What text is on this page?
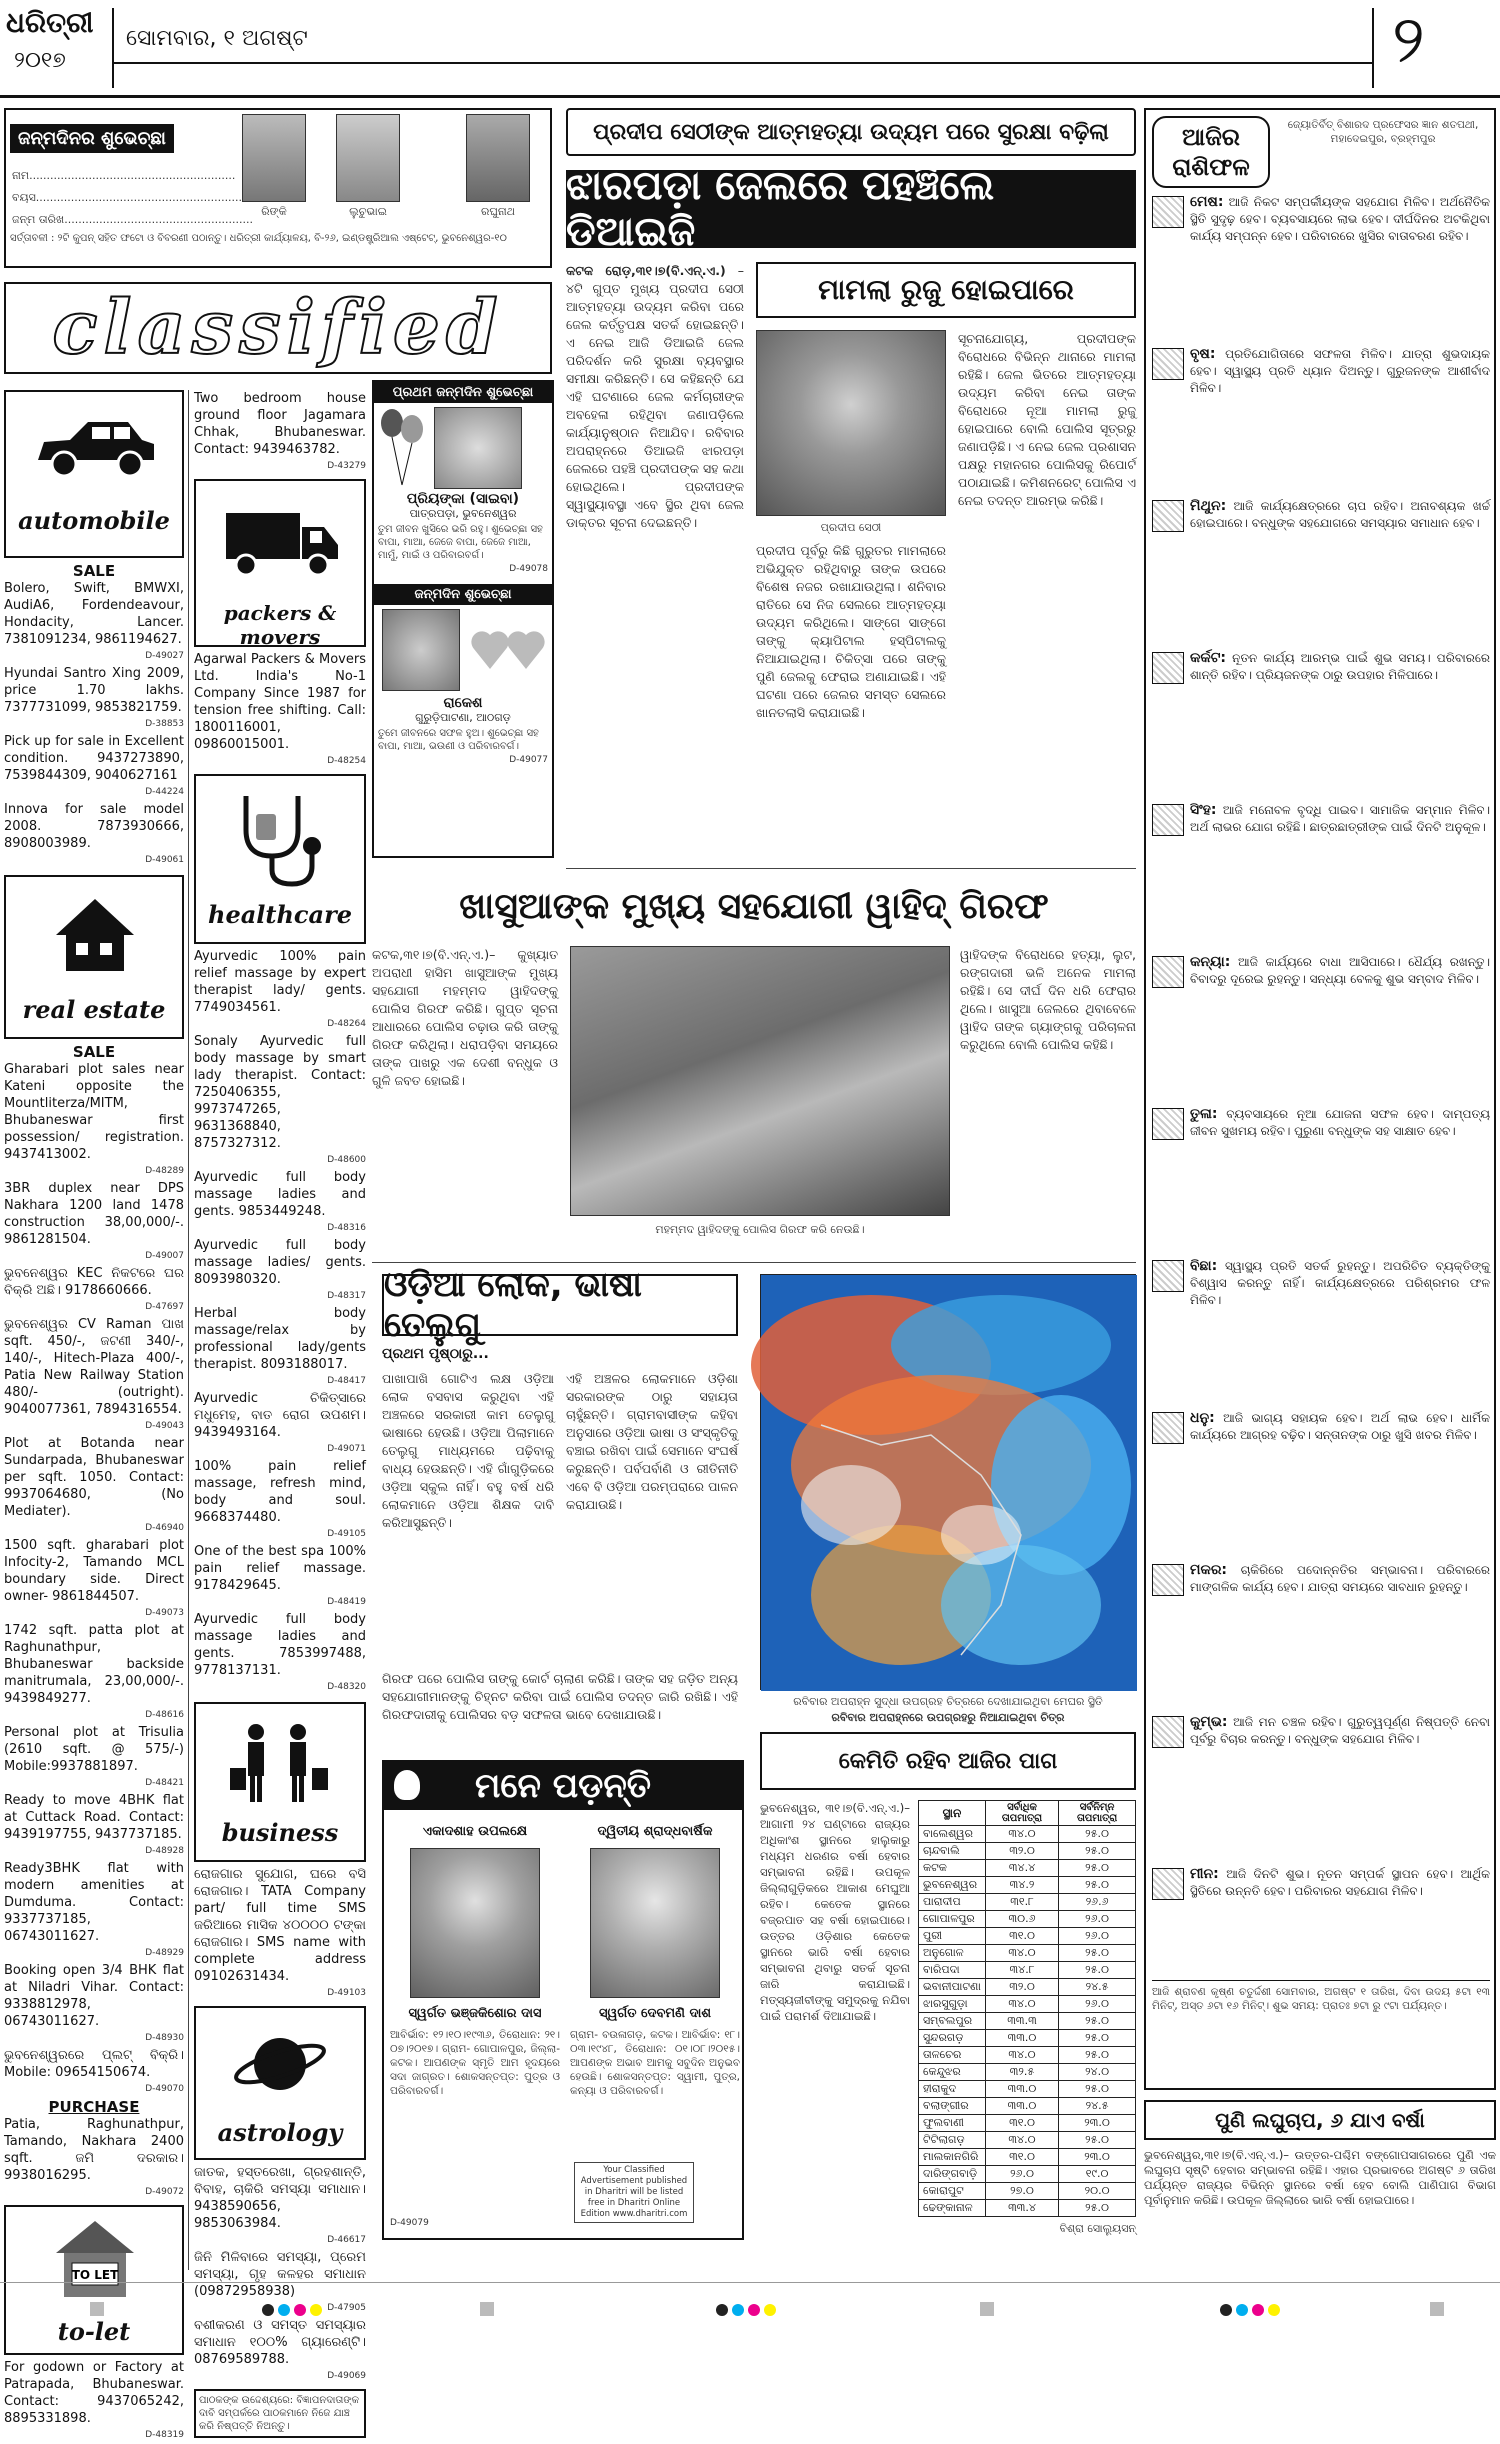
ଧରିତ୍ରୀ
୨୦୧୭
ସୋମବାର, ୧ ଅଗଷ୍ଟ	୨
ଜନ୍ମଦିନର ଶୁଭେଚ୍ଛା
ନାମ...........................................................
ବୟସ...........................................................
ଜନ୍ମ ତାରିଖ......................................................
ରିଙ୍କି	ଲୁଚୁଭାଇ	ରଘୁନାଥ
ସର୍ତ୍ତାବଳୀ : ୨ଟି କୁପନ୍ ସହିତ ଫଟୋ ଓ ବିବରଣୀ ପଠାନ୍ତୁ। ଧରିତ୍ରୀ କାର୍ଯ୍ୟାଳୟ, ବି-୨୬, ଇଣ୍ଡଷ୍ଟ୍ରିଆଲ ଏଷ୍ଟେଟ୍, ଭୁବନେଶ୍ୱର-୧୦
classified
automobile
SALE
Bolero, Swift, BMWXI, AudiA6, Fordendeavour, Hondacity, Lancer. 7381091234, 9861194627.
D-49027
Hyundai Santro Xing 2009, price 1.70 lakhs. 7377731099, 9853821759.
D-38853
Pick up for sale in Excellent condition. 9437273890, 7539844309, 9040627161
D-44224
Innova for sale model 2008. 7873930666, 8908003989.
D-49061
real estate
SALE
Gharabari plot sales near Kateni opposite the Mountliterza/MITM, Bhubaneswar first possession/ registration. 9437413002.
D-48289
3BR duplex near DPS Nakhara 1200 land 1478 construction 38,00,000/-. 9861281504.
D-49007
ଭୁବନେଶ୍ୱର KEC ନିକଟରେ ଘର ବିକ୍ରି ଅଛି। 9178660666.
D-47697
ଭୁବନେଶ୍ୱର CV Raman ପାଖ sqft. 450/-, ଜଟଣୀ 340/-, 140/-, Hitech-Plaza 400/-, Patia New Railway Station 480/- (outright). 9040077361, 7894316554.
D-49043
Plot at Botanda near Sundarpada, Bhubaneswar per sqft. 1050. Contact: 9937064680, (No Mediater).
D-46940
1500 sqft. gharabari plot Infocity-2, Tamando MCL boundary side. Direct owner- 9861844507.
D-49073
1742 sqft. patta plot at Raghunathpur, Bhubaneswar backside manitrumala, 23,00,000/-. 9439849277.
D-48616
Personal plot at Trisulia (2610 sqft. @ 575/-) Mobile:9937881897.
D-48421
Ready to move 4BHK flat at Cuttack Road. Contact: 9439197755, 9437737185.
D-48928
Ready3BHK flat with modern amenities at Dumduma. Contact: 9337737185, 06743011627.
D-48929
Booking open 3/4 BHK flat at Niladri Vihar. Contact: 9338812978, 06743011627.
D-48930
ଭୁବନେଶ୍ୱରରେ ପ୍ଲଟ୍ ବିକ୍ରି। Mobile: 09654150674.
D-49070
PURCHASE
Patia, Raghunathpur, Tamando, Nakhara 2400 sqft. ଜମି ଦରକାର। 9938016295.
D-49072
TO LET
to-let
For godown or Factory at Patrapada, Bhubaneswar. Contact: 9437065242, 8895331898.
D-48319
Two bedroom house ground floor Jagamara Chhak, Bhubaneswar. Contact: 9439463782.
D-43279
packers & movers
Agarwal Packers & Movers Ltd. India's No-1 Company Since 1987 for tension free shifting. Call: 1800116001, 09860015001.
D-48254
healthcare
Ayurvedic 100% pain relief massage by expert therapist lady/ gents. 7749034561.
D-48264
Sonaly Ayurvedic full body massage by smart lady therapist. Contact: 7250406355, 9973747265, 9631368840, 8757327312.
D-48600
Ayurvedic full body massage ladies and gents. 9853449248.
D-48316
Ayurvedic full body massage ladies/ gents. 8093980320.
D-48317
Herbal body massage/relax by professional lady/gents therapist. 8093188017.
D-48417
Ayurvedic ଚିକିତ୍ସାରେ ମଧୁମେହ, ବାତ ରୋଗ ଉପଶମ। 9439493164.
D-49071
100% pain relief massage, refresh mind, body and soul. 9668374480.
D-49105
One of the best spa 100% pain relief massage. 9178429645.
D-48419
Ayurvedic full body massage ladies and gents. 7853997488, 9778137131.
D-48320
business
ରୋଜଗାର ସୁଯୋଗ, ଘରେ ବସି ରୋଜଗାର। TATA Company part/ full time SMS ଜରିଆରେ ମାସିକ ୪୦୦୦୦ ଟଙ୍କା ରୋଜଗାର। SMS name with complete address 09102631434.
D-49103
astrology
ଜାତକ, ହସ୍ତରେଖା, ଗ୍ରହଶାନ୍ତି, ବିବାହ, ଚାକିରି ସମସ୍ୟା ସମାଧାନ। 9438590656, 9853063984.
D-46617
ଜିନି ମିଳିବାରେ ସମସ୍ୟା, ପ୍ରେମ ସମସ୍ୟା, ଗୃହ କଳହର ସମାଧାନ (09872958938)
D-47905
ବଶୀକରଣ ଓ ସମସ୍ତ ସମସ୍ୟାର ସମାଧାନ ୧୦୦% ଗ୍ୟାରେଣ୍ଟି। 08769589788.
D-49069
ପାଠକଙ୍କ ଉଦ୍ଦେଶ୍ୟରେ: ବିଜ୍ଞାପନଦାତାଙ୍କ ଦାବି ସମ୍ପର୍କରେ ପାଠକମାନେ ନିଜେ ଯାଞ୍ଚ କରି ନିଷ୍ପତ୍ତି ନିଅନ୍ତୁ।
ପ୍ରଥମ ଜନ୍ମଦିନ ଶୁଭେଚ୍ଛା
ପ୍ରିୟଙ୍କା (ସାଇବା)
ପାତ୍ରପଡ଼ା, ଭୁବନେଶ୍ୱର
ତୁମ ଜୀବନ ଖୁସିରେ ଭରି ରହୁ। ଶୁଭେଚ୍ଛା ସହ ବାପା, ମାଆ, ଜେଜେ ବାପା, ଜେଜେ ମାଆ, ମାମୁଁ, ମାଇଁ ଓ ପରିବାରବର୍ଗ।
D-49078
ଜନ୍ମଦିନ ଶୁଭେଚ୍ଛା
ରାକେଶ
ଗୁରୁଡ଼ିପାଟଣା, ଆଠଗଡ଼
ତୁମେ ଜୀବନରେ ସଫଳ ହୁଅ। ଶୁଭେଚ୍ଛା ସହ ବାପା, ମାଆ, ଭଉଣୀ ଓ ପରିବାରବର୍ଗ।
D-49077
ପ୍ରଦୀପ ସେଠୀଙ୍କ ଆତ୍ମହତ୍ୟା ଉଦ୍ୟମ ପରେ ସୁରକ୍ଷା ବଢ଼ିଲା
ଝାରପଡ଼ା ଜେଲରେ ପହଞ୍ଚିଲେ ଡିଆଇଜି
କଟକ ରୋଡ଼,୩୧।୭(ବି.ଏନ୍.ଏ.) – ୪ଟି ଗୁପ୍ତ ମୁଖ୍ୟ ପ୍ରଦୀପ ସେଠୀ ଆତ୍ମହତ୍ୟା ଉଦ୍ୟମ କରିବା ପରେ ଜେଲ କର୍ତ୍ତୃପକ୍ଷ ସତର୍କ ହୋଇଛନ୍ତି। ଏ ନେଇ ଆଜି ଡିଆଇଜି ଜେଲ ପରିଦର୍ଶନ କରି ସୁରକ୍ଷା ବ୍ୟବସ୍ଥାର ସମୀକ୍ଷା କରିଛନ୍ତି। ସେ କହିଛନ୍ତି ଯେ ଏହି ଘଟଣାରେ ଜେଲ କର୍ମଚାରୀଙ୍କ ଅବହେଳା ରହିଥିବା ଜଣାପଡ଼ିଲେ କାର୍ଯ୍ୟାନୁଷ୍ଠାନ ନିଆଯିବ। ରବିବାର ଅପରାହ୍ନରେ ଡିଆଇଜି ଝାରପଡ଼ା ଜେଲରେ ପହଞ୍ଚି ପ୍ରଦୀପଙ୍କ ସହ କଥା ହୋଇଥିଲେ। ପ୍ରଦୀପଙ୍କ ସ୍ୱାସ୍ଥ୍ୟାବସ୍ଥା ଏବେ ସ୍ଥିର ଥିବା ଜେଲ ଡାକ୍ତର ସୂଚନା ଦେଇଛନ୍ତି।
ମାମଲା ରୁଜୁ ହୋଇପାରେ
ପ୍ରଦୀପ ସେଠୀ
ପ୍ରଦୀପ ପୂର୍ବରୁ କିଛି ଗୁରୁତର ମାମଲାରେ ଅଭିଯୁକ୍ତ ରହିଥିବାରୁ ତାଙ୍କ ଉପରେ ବିଶେଷ ନଜର ରଖାଯାଉଥିଲା। ଶନିବାର ରାତିରେ ସେ ନିଜ ସେଲରେ ଆତ୍ମହତ୍ୟା ଉଦ୍ୟମ କରିଥିଲେ। ସାଙ୍ଗେ ସାଙ୍ଗେ ତାଙ୍କୁ କ୍ୟାପିଟାଲ ହସ୍ପିଟାଲକୁ ନିଆଯାଇଥିଲା। ଚିକିତ୍ସା ପରେ ତାଙ୍କୁ ପୁଣି ଜେଲକୁ ଫେରାଇ ଅଣାଯାଇଛି। ଏହି ଘଟଣା ପରେ ଜେଲର ସମସ୍ତ ସେଲରେ ଖାନତଲାସି କରାଯାଇଛି।
ସୂଚନାଯୋଗ୍ୟ, ପ୍ରଦୀପଙ୍କ ବିରୋଧରେ ବିଭିନ୍ନ ଥାନାରେ ମାମଲା ରହିଛି। ଜେଲ ଭିତରେ ଆତ୍ମହତ୍ୟା ଉଦ୍ୟମ କରିବା ନେଇ ତାଙ୍କ ବିରୋଧରେ ନୂଆ ମାମଲା ରୁଜୁ ହୋଇପାରେ ବୋଲି ପୋଲିସ ସୂତ୍ରରୁ ଜଣାପଡ଼ିଛି। ଏ ନେଇ ଜେଲ ପ୍ରଶାସନ ପକ୍ଷରୁ ମହାନଗର ପୋଲିସକୁ ରିପୋର୍ଟ ପଠାଯାଇଛି। କମିଶନରେଟ୍ ପୋଲିସ ଏ ନେଇ ତଦନ୍ତ ଆରମ୍ଭ କରିଛି।
ଖାସୁଆଙ୍କ ମୁଖ୍ୟ ସହଯୋଗୀ ୱାହିଦ୍ ଗିରଫ
କଟକ,୩୧।୭(ବି.ଏନ୍.ଏ.)– କୁଖ୍ୟାତ ଅପରାଧୀ ହାସିମ ଖାସୁଆଙ୍କ ମୁଖ୍ୟ ସହଯୋଗୀ ମହମ୍ମଦ ୱାହିଦଙ୍କୁ ପୋଲିସ ଗିରଫ କରିଛି। ଗୁପ୍ତ ସୂଚନା ଆଧାରରେ ପୋଲିସ ଚଢ଼ାଉ କରି ତାଙ୍କୁ ଗିରଫ କରିଥିଲା। ଧରାପଡ଼ିବା ସମୟରେ ତାଙ୍କ ପାଖରୁ ଏକ ଦେଶୀ ବନ୍ଧୁକ ଓ ଗୁଳି ଜବତ ହୋଇଛି।
ମହମ୍ମଦ ୱାହିଦଙ୍କୁ ପୋଲିସ ଗିରଫ କରି ନେଉଛି।
ୱାହିଦଙ୍କ ବିରୋଧରେ ହତ୍ୟା, ଲୁଟ, ରଙ୍ଗଦାରୀ ଭଳି ଅନେକ ମାମଲା ରହିଛି। ସେ ଦୀର୍ଘ ଦିନ ଧରି ଫେରାର ଥିଲେ। ଖାସୁଆ ଜେଲରେ ଥିବାବେଳେ ୱାହିଦ ତାଙ୍କ ଗ୍ୟାଙ୍ଗକୁ ପରିଚାଳନା କରୁଥିଲେ ବୋଲି ପୋଲିସ କହିଛି।
ଓଡ଼ିଆ ଲୋକ, ଭାଷା ତେଲୁଗୁ
ପ୍ରଥମ ପୃଷ୍ଠାରୁ...
ପାଖାପାଖି ଗୋଟିଏ ଲକ୍ଷ ଓଡ଼ିଆ ଲୋକ ବସବାସ କରୁଥିବା ଏହି ଅଞ୍ଚଳରେ ସରକାରୀ କାମ ତେଲୁଗୁ ଭାଷାରେ ହେଉଛି। ଓଡ଼ିଆ ପିଲାମାନେ ତେଲୁଗୁ ମାଧ୍ୟମରେ ପଢ଼ିବାକୁ ବାଧ୍ୟ ହେଉଛନ୍ତି। ଏହି ଗାଁଗୁଡ଼ିକରେ ଓଡ଼ିଆ ସ୍କୁଲ ନାହିଁ। ବହୁ ବର୍ଷ ଧରି ଲୋକମାନେ ଓଡ଼ିଆ ଶିକ୍ଷକ ଦାବି କରିଆସୁଛନ୍ତି।
ଏହି ଅଞ୍ଚଳର ଲୋକମାନେ ଓଡ଼ିଶା ସରକାରଙ୍କ ଠାରୁ ସହାୟତା ଚାହୁଁଛନ୍ତି। ଗ୍ରାମବାସୀଙ୍କ କହିବା ଅନୁସାରେ ଓଡ଼ିଆ ଭାଷା ଓ ସଂସ୍କୃତିକୁ ବଞ୍ଚାଇ ରଖିବା ପାଇଁ ସେମାନେ ସଂଘର୍ଷ କରୁଛନ୍ତି। ପର୍ବପର୍ବାଣି ଓ ରୀତିନୀତି ଏବେ ବି ଓଡ଼ିଆ ପରମ୍ପରାରେ ପାଳନ କରାଯାଉଛି।
ଗିରଫ ପରେ ପୋଲିସ ତାଙ୍କୁ କୋର୍ଟ ଚାଲାଣ କରିଛି। ତାଙ୍କ ସହ ଜଡ଼ିତ ଅନ୍ୟ ସହଯୋଗୀମାନଙ୍କୁ ଚିହ୍ନଟ କରିବା ପାଇଁ ପୋଲିସ ତଦନ୍ତ ଜାରି ରଖିଛି। ଏହି ଗିରଫଦାରୀକୁ ପୋଲିସର ବଡ଼ ସଫଳତା ଭାବେ ଦେଖାଯାଉଛି।
ରବିବାର ଅପରାହ୍ନ ସୁଦ୍ଧା ଉପଗ୍ରହ ଚିତ୍ରରେ ଦେଖାଯାଇଥିବା ମେଘର ସ୍ଥିତି
ରବିବାର ଅପରାହ୍ନରେ ଉପଗ୍ରହରୁ ନିଆଯାଇଥିବା ଚିତ୍ର
କେମିତି ରହିବ ଆଜିର ପାଗ
ଭୁବନେଶ୍ୱର, ୩୧।୭(ବି.ଏନ୍.ଏ.)– ଆଗାମୀ ୨୪ ଘଣ୍ଟାରେ ରାଜ୍ୟର ଅଧିକାଂଶ ସ୍ଥାନରେ ହାଲୁକାରୁ ମଧ୍ୟମ ଧରଣର ବର୍ଷା ହେବାର ସମ୍ଭାବନା ରହିଛି। ଉପକୂଳ ଜିଲ୍ଲାଗୁଡ଼ିକରେ ଆକାଶ ମେଘୁଆ ରହିବ। କେତେକ ସ୍ଥାନରେ ବଜ୍ରପାତ ସହ ବର୍ଷା ହୋଇପାରେ। ଉତ୍ତର ଓଡ଼ିଶାର କେତେକ ସ୍ଥାନରେ ଭାରି ବର୍ଷା ହେବାର ସମ୍ଭାବନା ଥିବାରୁ ସତର୍କ ସୂଚନା ଜାରି କରାଯାଇଛି। ମତ୍ସ୍ୟଜୀବୀଙ୍କୁ ସମୁଦ୍ରକୁ ନଯିବା ପାଇଁ ପରାମର୍ଶ ଦିଆଯାଇଛି।
ସ୍ଥାନ	ସର୍ବାଧିକ ତାପମାତ୍ରା	ସର୍ବନିମ୍ନ ତାପମାତ୍ରା
ବାଲେଶ୍ୱର	୩୪.୦	୨୫.୦
ଚାନ୍ଦବାଲି	୩୨.୦	୨୫.୦
କଟକ	୩୪.୪	୨୫.୦
ଭୁବନେଶ୍ୱର	୩୪.୨	୨୫.୦
ପାରାଦୀପ	୩୧.୮	୨୬.୬
ଗୋପାଳପୁର	୩୦.୬	୨୬.୦
ପୁରୀ	୩୧.୦	୨୬.୦
ଅନୁଗୋଳ	୩୪.୦	୨୫.୦
ବାରିପଦା	୩୪.୮	୨୫.୦
ଭବାନୀପାଟଣା	୩୨.୦	୨୪.୫
ଝାରସୁଗୁଡ଼ା	୩୪.୦	୨୬.୦
ସମ୍ବଲପୁର	୩୩.୩	୨୫.୦
ସୁନ୍ଦରଗଡ଼	୩୩.୦	୨୫.୦
ତାଳଚେର	୩୪.୦	୨୫.୦
କେନ୍ଦୁଝର	୩୨.୫	୨୪.୦
ହୀରାକୁଦ	୩୩.୦	୨୫.୦
ବଲାଙ୍ଗୀର	୩୩.୦	୨୪.୫
ଫୁଲବାଣୀ	୩୧.୦	୨୩.୦
ଟିଟିଲାଗଡ଼	୩୪.୦	୨୫.୦
ମାଲକାନଗିରି	୩୧.୦	୨୩.୦
ଦାରିଙ୍ଗବାଡ଼ି	୨୬.୦	୧୯.୦
କୋରାପୁଟ	୨୭.୦	୨୦.୦
ଢେଙ୍କାନାଳ	୩୩.୪	୨୫.୦
ବିଶ୍ରା ସୋଲ୍ୟୁସନ୍
ମନେ ପଡ଼ନ୍ତି
ଏକାଦଶାହ ଉପଲକ୍ଷେ	ଦ୍ୱିତୀୟ ଶ୍ରାଦ୍ଧବାର୍ଷିକ
ସ୍ୱର୍ଗତ ଭଞ୍ଜକିଶୋର ଦାସ	ସ୍ୱର୍ଗତ ଦେବମଣି ଦାଶ
ଆବିର୍ଭାବ: ୧୨।୧୦।୧୯୩୬, ତିରୋଧାନ: ୨୧।୦୭।୨୦୧୭। ଗ୍ରାମ- ଗୋପାଳପୁର, ଜିଲ୍ଲା- କଟକ। ଆପଣଙ୍କ ସ୍ମୃତି ଆମ ହୃଦୟରେ ସଦା ଜାଗ୍ରତ। ଶୋକସନ୍ତପ୍ତ: ପୁତ୍ର ଓ ପରିବାରବର୍ଗ।
ଗ୍ରାମ- ବଉଳାଗଡ଼, କଟକ। ଆବିର୍ଭାବ: ୧୮।୦୩।୧୯୪୮, ତିରୋଧାନ: ୦୧।୦୮।୨୦୧୫। ଆପଣଙ୍କ ଅଭାବ ଆମକୁ ସବୁଦିନ ଅନୁଭବ ହେଉଛି। ଶୋକସନ୍ତପ୍ତ: ସ୍ୱାମୀ, ପୁତ୍ର, କନ୍ୟା ଓ ପରିବାରବର୍ଗ।
Your Classified Advertisement published in Dharitri will be listed free in Dharitri Online Edition www.dharitri.com
D-49079
ଆଜିର ରାଶିଫଳ
ଜ୍ୟୋତିର୍ବିତ୍ ବିଶାରଦ ପ୍ରଫେସର ଜ୍ଞାନ ଶତପଥୀ, ମହାଦେଇପୁର, ବ୍ରହ୍ମପୁର
ମେଷ: ଆଜି ନିକଟ ସମ୍ପର୍କୀୟଙ୍କ ସହଯୋଗ ମିଳିବ। ଅର୍ଥନୈତିକ ସ୍ଥିତି ସୁଦୃଢ଼ ହେବ। ବ୍ୟବସାୟରେ ଲାଭ ହେବ। ଦୀର୍ଘଦିନର ଅଟକିଥିବା କାର୍ଯ୍ୟ ସମ୍ପନ୍ନ ହେବ। ପରିବାରରେ ଖୁସିର ବାତାବରଣ ରହିବ।
ବୃଷ: ପ୍ରତିଯୋଗିତାରେ ସଫଳତା ମିଳିବ। ଯାତ୍ରା ଶୁଭଦାୟକ ହେବ। ସ୍ୱାସ୍ଥ୍ୟ ପ୍ରତି ଧ୍ୟାନ ଦିଅନ୍ତୁ। ଗୁରୁଜନଙ୍କ ଆଶୀର୍ବାଦ ମିଳିବ।
ମିଥୁନ: ଆଜି କାର୍ଯ୍ୟକ୍ଷେତ୍ରରେ ଚାପ ରହିବ। ଅନାବଶ୍ୟକ ଖର୍ଚ୍ଚ ହୋଇପାରେ। ବନ୍ଧୁଙ୍କ ସହଯୋଗରେ ସମସ୍ୟାର ସମାଧାନ ହେବ।
କର୍କଟ: ନୂତନ କାର୍ଯ୍ୟ ଆରମ୍ଭ ପାଇଁ ଶୁଭ ସମୟ। ପରିବାରରେ ଶାନ୍ତି ରହିବ। ପ୍ରିୟଜନଙ୍କ ଠାରୁ ଉପହାର ମିଳିପାରେ।
ସିଂହ: ଆଜି ମନୋବଳ ବୃଦ୍ଧି ପାଇବ। ସାମାଜିକ ସମ୍ମାନ ମିଳିବ। ଅର୍ଥ ଲାଭର ଯୋଗ ରହିଛି। ଛାତ୍ରଛାତ୍ରୀଙ୍କ ପାଇଁ ଦିନଟି ଅନୁକୂଳ।
କନ୍ୟା: ଆଜି କାର୍ଯ୍ୟରେ ବାଧା ଆସିପାରେ। ଧୈର୍ଯ୍ୟ ରଖନ୍ତୁ। ବିବାଦରୁ ଦୂରେଇ ରୁହନ୍ତୁ। ସନ୍ଧ୍ୟା ବେଳକୁ ଶୁଭ ସମ୍ବାଦ ମିଳିବ।
ତୁଳା: ବ୍ୟବସାୟରେ ନୂଆ ଯୋଜନା ସଫଳ ହେବ। ଦାମ୍ପତ୍ୟ ଜୀବନ ସୁଖମୟ ରହିବ। ପୁରୁଣା ବନ୍ଧୁଙ୍କ ସହ ସାକ୍ଷାତ ହେବ।
ବିଛା: ସ୍ୱାସ୍ଥ୍ୟ ପ୍ରତି ସତର୍କ ରୁହନ୍ତୁ। ଅପରିଚିତ ବ୍ୟକ୍ତିଙ୍କୁ ବିଶ୍ୱାସ କରନ୍ତୁ ନାହିଁ। କାର୍ଯ୍ୟକ୍ଷେତ୍ରରେ ପରିଶ୍ରମର ଫଳ ମିଳିବ।
ଧନୁ: ଆଜି ଭାଗ୍ୟ ସହାୟକ ହେବ। ଅର୍ଥ ଲାଭ ହେବ। ଧାର୍ମିକ କାର୍ଯ୍ୟରେ ଆଗ୍ରହ ବଢ଼ିବ। ସନ୍ତାନଙ୍କ ଠାରୁ ଖୁସି ଖବର ମିଳିବ।
ମକର: ଚାକିରିରେ ପଦୋନ୍ନତିର ସମ୍ଭାବନା। ପରିବାରରେ ମାଙ୍ଗଳିକ କାର୍ଯ୍ୟ ହେବ। ଯାତ୍ରା ସମୟରେ ସାବଧାନ ରୁହନ୍ତୁ।
କୁମ୍ଭ: ଆଜି ମନ ଚଞ୍ଚଳ ରହିବ। ଗୁରୁତ୍ୱପୂର୍ଣ୍ଣ ନିଷ୍ପତ୍ତି ନେବା ପୂର୍ବରୁ ବିଚାର କରନ୍ତୁ। ବନ୍ଧୁଙ୍କ ସହଯୋଗ ମିଳିବ।
ମୀନ: ଆଜି ଦିନଟି ଶୁଭ। ନୂତନ ସମ୍ପର୍କ ସ୍ଥାପନ ହେବ। ଆର୍ଥିକ ସ୍ଥିତିରେ ଉନ୍ନତି ହେବ। ପରିବାରର ସହଯୋଗ ମିଳିବ।
ଆଜି ଶ୍ରାବଣ କୃଷ୍ଣ ଚତୁର୍ଦ୍ଦଶୀ ସୋମବାର, ଅଗଷ୍ଟ ୧ ତାରିଖ, ଦିବା ଉଦୟ ୫ଟା ୧୩ ମିନିଟ୍, ଅସ୍ତ ୬ଟା ୧୬ ମିନିଟ୍। ଶୁଭ ସମୟ: ପ୍ରାତଃ ୭ଟା ରୁ ୯ଟା ପର୍ଯ୍ୟନ୍ତ।
ପୁଣି ଲଘୁଚାପ, ୬ ଯାଏ ବର୍ଷା
ଭୁବନେଶ୍ୱର,୩୧।୭(ବି.ଏନ୍.ଏ.)– ଉତ୍ତର-ପଶ୍ଚିମ ବଙ୍ଗୋପସାଗରରେ ପୁଣି ଏକ ଲଘୁଚାପ ସୃଷ୍ଟି ହେବାର ସମ୍ଭାବନା ରହିଛି। ଏହାର ପ୍ରଭାବରେ ଅଗଷ୍ଟ ୬ ତାରିଖ ପର୍ଯ୍ୟନ୍ତ ରାଜ୍ୟର ବିଭିନ୍ନ ସ୍ଥାନରେ ବର୍ଷା ହେବ ବୋଲି ପାଣିପାଗ ବିଭାଗ ପୂର୍ବାନୁମାନ କରିଛି। ଉପକୂଳ ଜିଲ୍ଲାରେ ଭାରି ବର୍ଷା ହୋଇପାରେ।
